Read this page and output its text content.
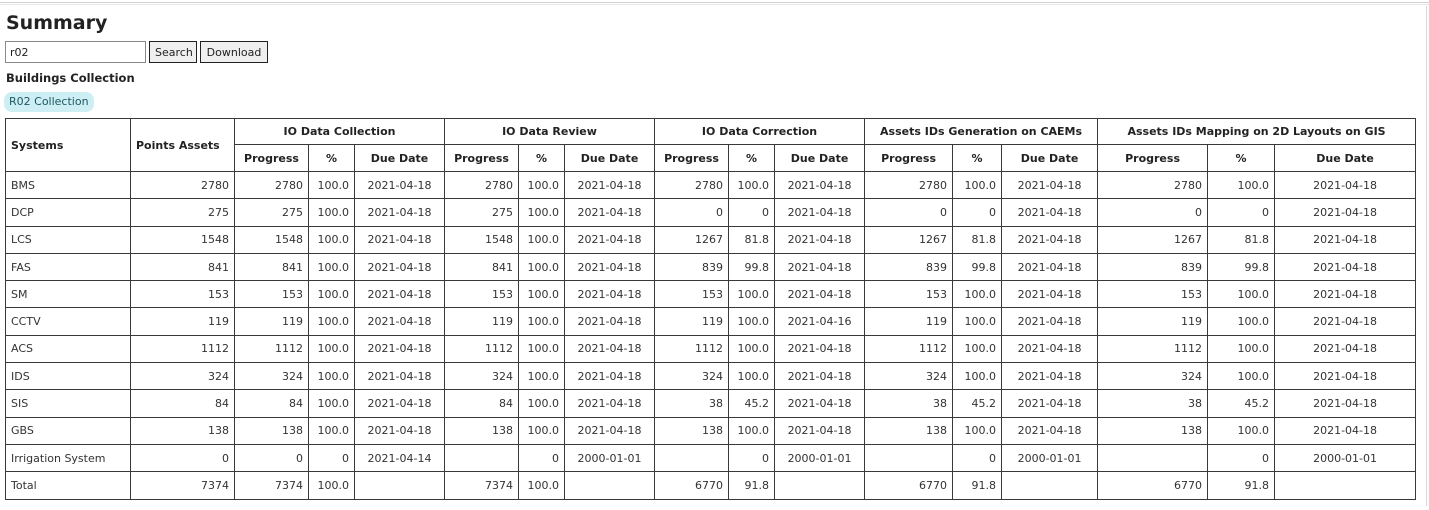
Summary
r02
Search	Download
Buildings Collection
R02 Collection
Systems	Points Assets	IO Data Collection			IO Data Review			IO Data Correction			Assets IDs Generation on CAEMs			Assets IDs Mapping on 2D Layouts on GIS		
		Progress	%	Due Date	Progress	%	Due Date	Progress	%	Due Date	Progress	%	Due Date	Progress	%	Due Date
BMS	2780	2780	100.0	2021-04-18	2780	100.0	2021-04-18	2780	100.0	2021-04-18	2780	100.0	2021-04-18	2780	100.0	2021-04-18
DCP	275	275	100.0	2021-04-18	275	100.0	2021-04-18	0	0	2021-04-18	0	0	2021-04-18	0	0	2021-04-18
LCS	1548	1548	100.0	2021-04-18	1548	100.0	2021-04-18	1267	81.8	2021-04-18	1267	81.8	2021-04-18	1267	81.8	2021-04-18
FAS	841	841	100.0	2021-04-18	841	100.0	2021-04-18	839	99.8	2021-04-18	839	99.8	2021-04-18	839	99.8	2021-04-18
SM	153	153	100.0	2021-04-18	153	100.0	2021-04-18	153	100.0	2021-04-18	153	100.0	2021-04-18	153	100.0	2021-04-18
CCTV	119	119	100.0	2021-04-18	119	100.0	2021-04-18	119	100.0	2021-04-16	119	100.0	2021-04-18	119	100.0	2021-04-18
ACS	1112	1112	100.0	2021-04-18	1112	100.0	2021-04-18	1112	100.0	2021-04-18	1112	100.0	2021-04-18	1112	100.0	2021-04-18
IDS	324	324	100.0	2021-04-18	324	100.0	2021-04-18	324	100.0	2021-04-18	324	100.0	2021-04-18	324	100.0	2021-04-18
SIS	84	84	100.0	2021-04-18	84	100.0	2021-04-18	38	45.2	2021-04-18	38	45.2	2021-04-18	38	45.2	2021-04-18
GBS	138	138	100.0	2021-04-18	138	100.0	2021-04-18	138	100.0	2021-04-18	138	100.0	2021-04-18	138	100.0	2021-04-18
Irrigation System	0	0	0	2021-04-14		0	2000-01-01		0	2000-01-01		0	2000-01-01		0	2000-01-01
Total	7374	7374	100.0		7374	100.0		6770	91.8		6770	91.8		6770	91.8	
